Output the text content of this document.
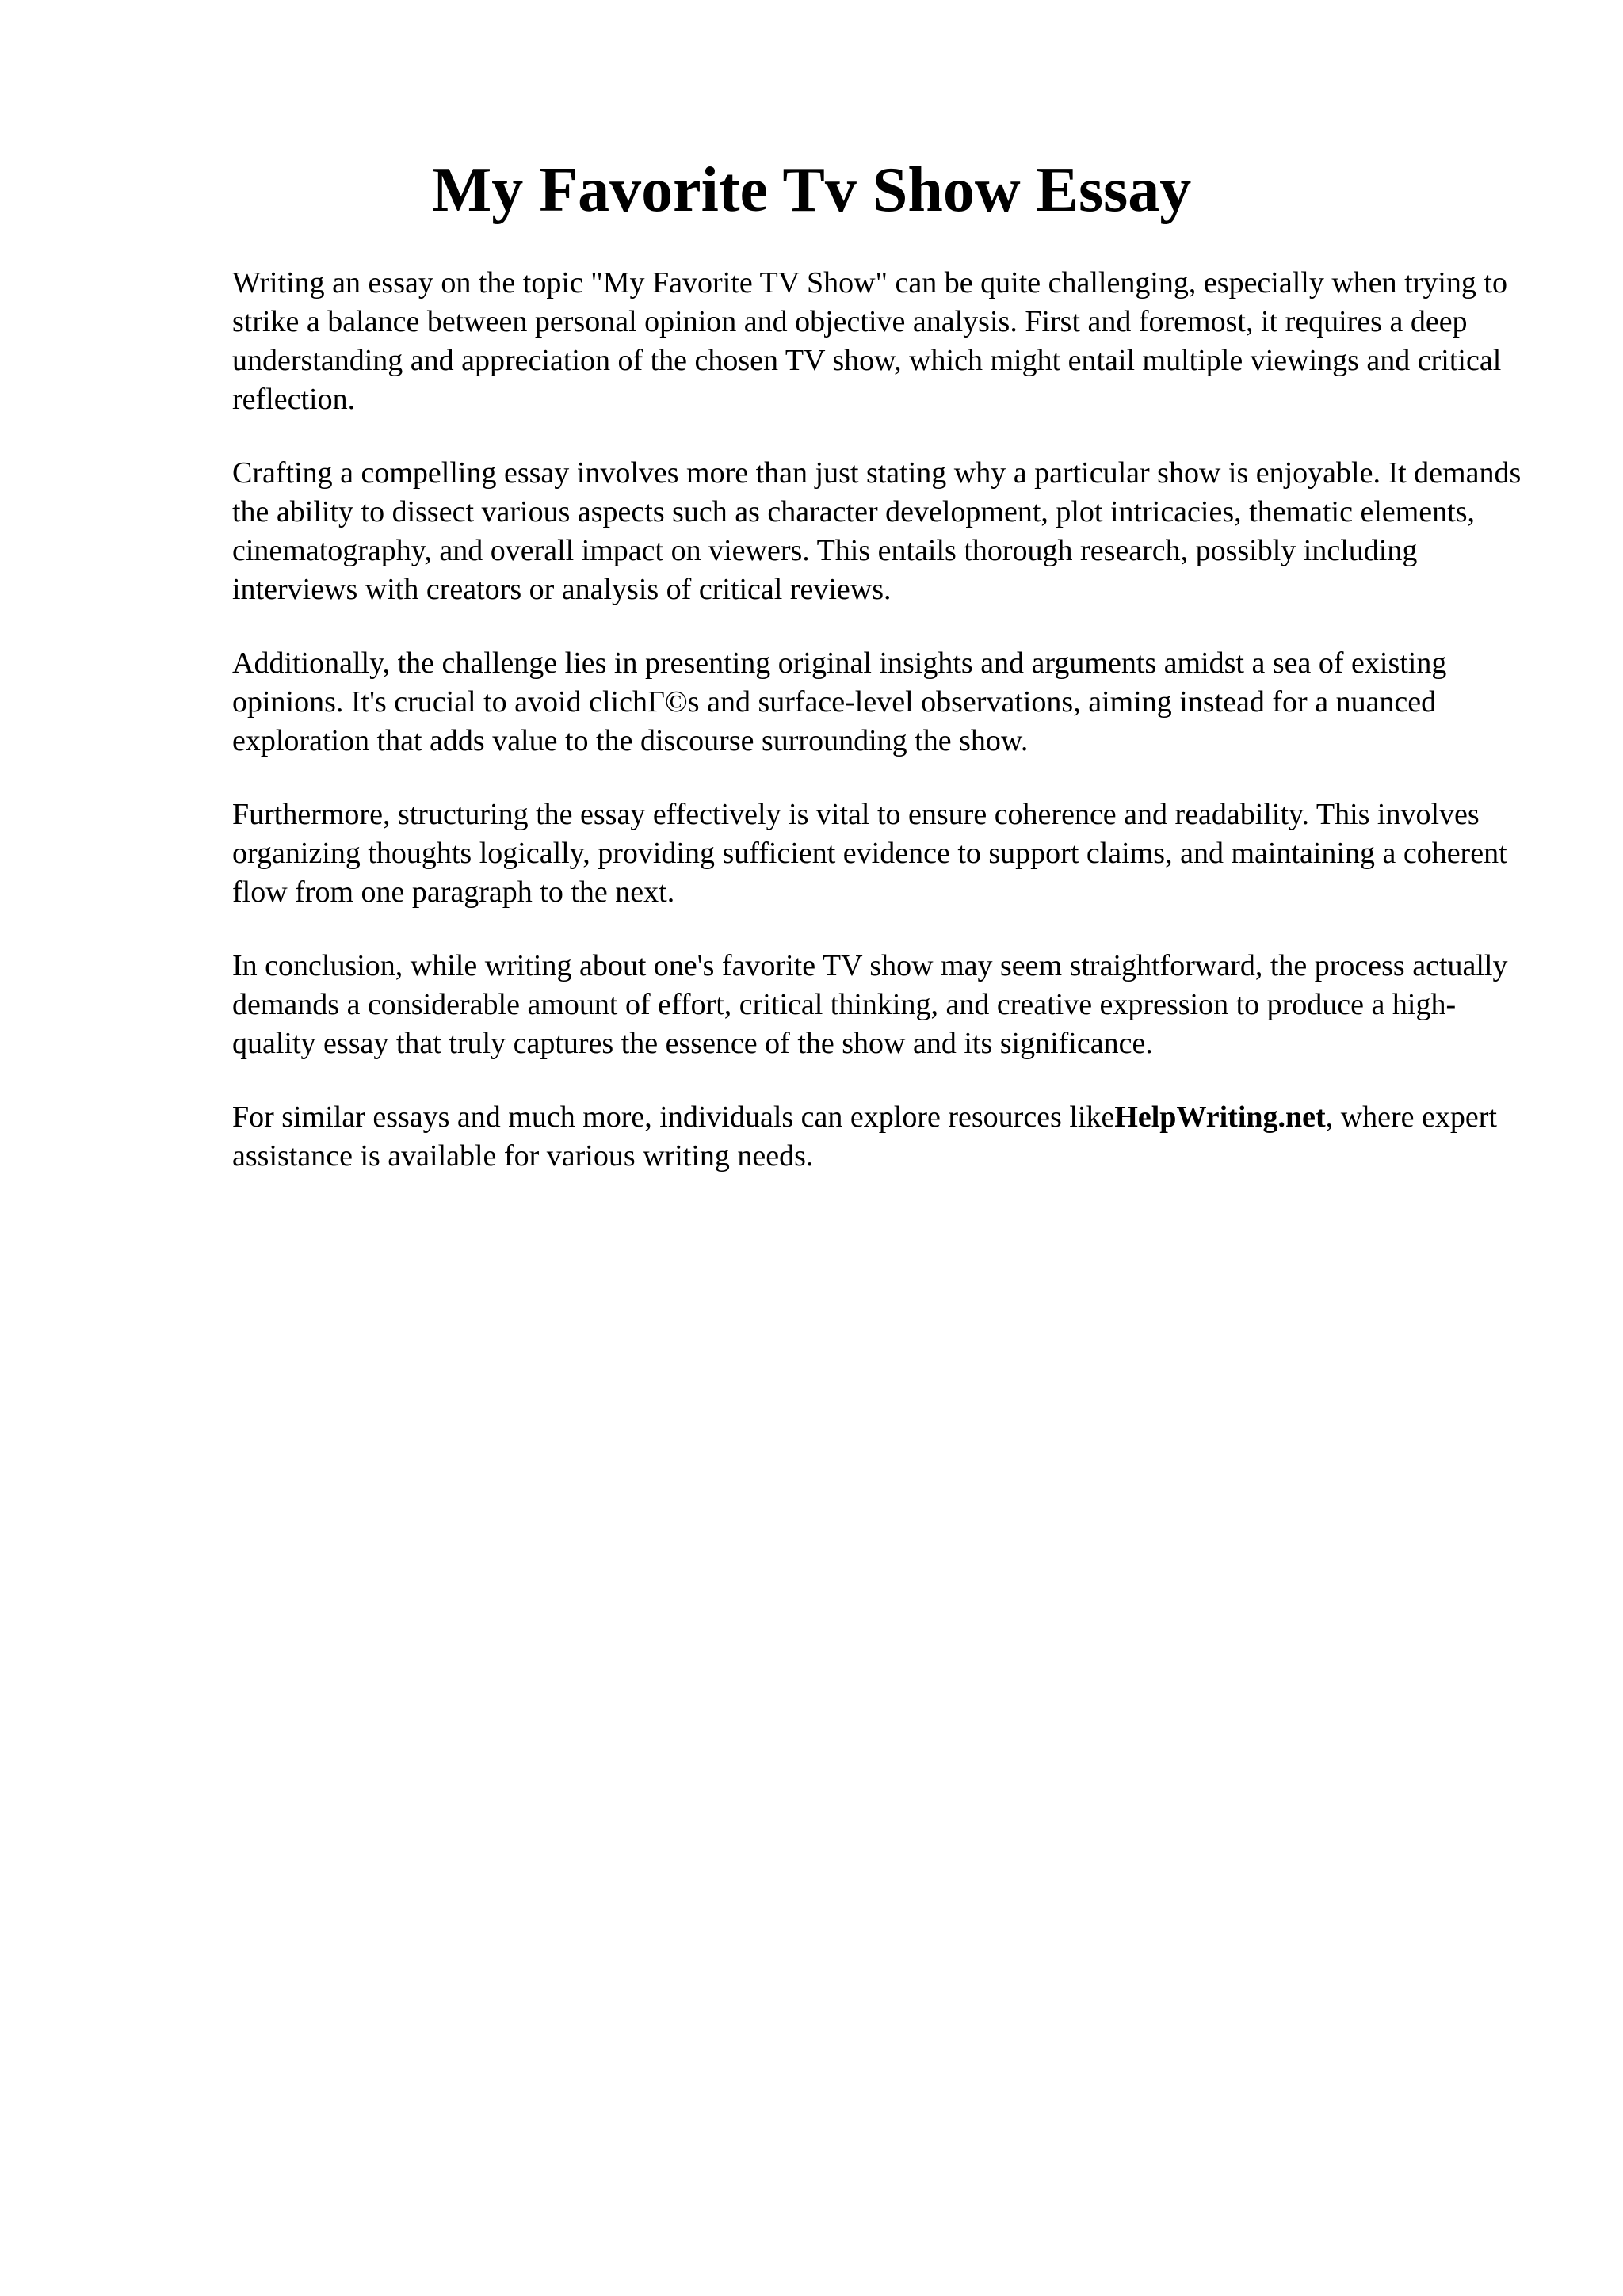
My Favorite Tv Show Essay

Writing an essay on the topic "My Favorite TV Show" can be quite challenging, especially when trying to strike a balance between personal opinion and objective analysis. First and foremost, it requires a deep understanding and appreciation of the chosen TV show, which might entail multiple viewings and critical reflection.

Crafting a compelling essay involves more than just stating why a particular show is enjoyable. It demands the ability to dissect various aspects such as character development, plot intricacies, thematic elements, cinematography, and overall impact on viewers. This entails thorough research, possibly including interviews with creators or analysis of critical reviews.

Additionally, the challenge lies in presenting original insights and arguments amidst a sea of existing opinions. It's crucial to avoid clichΓ©s and surface-level observations, aiming instead for a nuanced exploration that adds value to the discourse surrounding the show.

Furthermore, structuring the essay effectively is vital to ensure coherence and readability. This involves organizing thoughts logically, providing sufficient evidence to support claims, and maintaining a coherent flow from one paragraph to the next.

In conclusion, while writing about one's favorite TV show may seem straightforward, the process actually demands a considerable amount of effort, critical thinking, and creative expression to produce a high-quality essay that truly captures the essence of the show and its significance.

For similar essays and much more, individuals can explore resources likeHelpWriting.net, where expert assistance is available for various writing needs.
